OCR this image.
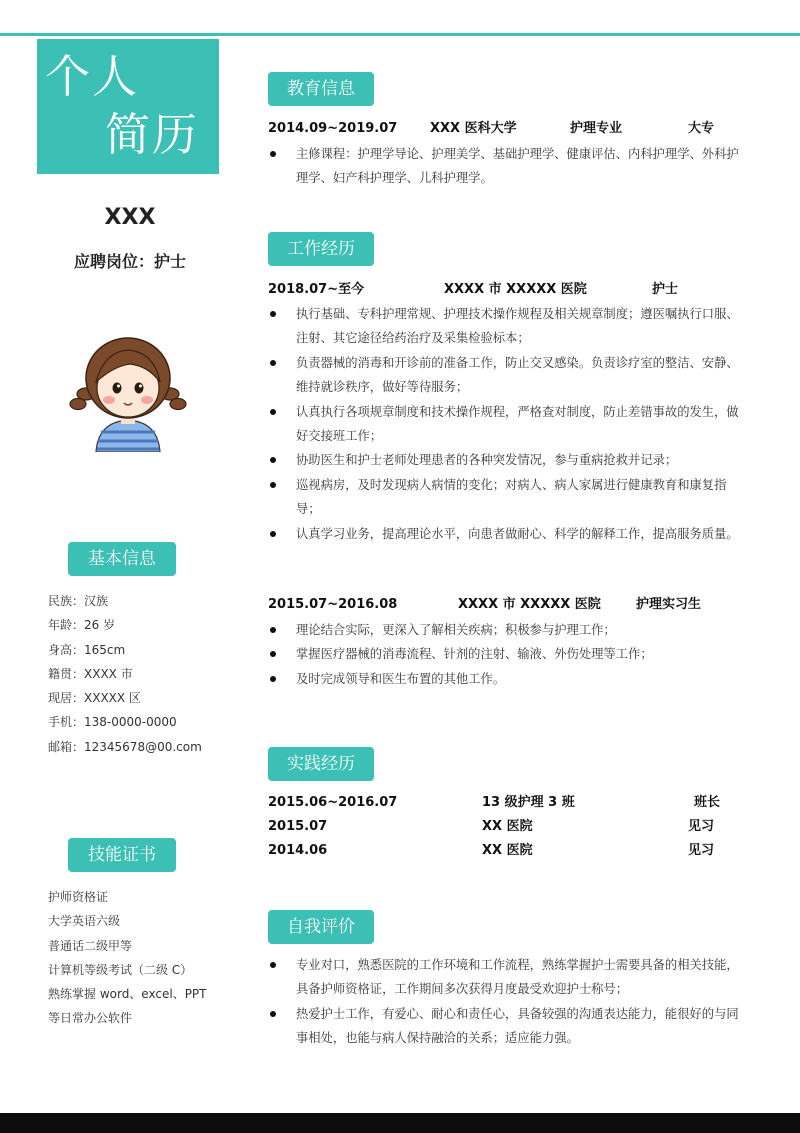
个人
简历
XXX
应聘岗位：护士
基本信息
民族：汉族
年龄：26 岁
身高：165cm
籍贯：XXXX 市
现居：XXXXX 区
手机：138-0000-0000
邮箱：12345678@00.com
技能证书
护师资格证
大学英语六级
普通话二级甲等
计算机等级考试（二级 C）
熟练掌握 word、excel、PPT
等日常办公软件
教育信息
2014.09~2019.07	XXX 医科大学	护理专业	大专
主修课程：护理学导论、护理美学、基础护理学、健康评估、内科护理学、外科护理学、妇产科护理学、儿科护理学。
工作经历
2018.07~至今	XXXX 市 XXXXX 医院	护士
执行基础、专科护理常规、护理技术操作规程及相关规章制度；遵医嘱执行口服、注射、其它途径给药治疗及采集检验标本；
负责器械的消毒和开诊前的准备工作，防止交叉感染。负责诊疗室的整洁、安静、维持就诊秩序，做好等待服务；
认真执行各项规章制度和技术操作规程，严格查对制度，防止差错事故的发生，做好交接班工作；
协助医生和护士老师处理患者的各种突发情况，参与重病抢救并记录；
巡视病房，及时发现病人病情的变化；对病人、病人家属进行健康教育和康复指导；
认真学习业务，提高理论水平，向患者做耐心、科学的解释工作，提高服务质量。
2015.07~2016.08	XXXX 市 XXXXX 医院	护理实习生
理论结合实际，更深入了解相关疾病；积极参与护理工作；
掌握医疗器械的消毒流程、针剂的注射、输液、外伤处理等工作；
及时完成领导和医生布置的其他工作。
实践经历
2015.06~2016.07	13 级护理 3 班	班长
2015.07	XX 医院	见习
2014.06	XX 医院	见习
自我评价
专业对口，熟悉医院的工作环境和工作流程，熟练掌握护士需要具备的相关技能，具备护师资格证，工作期间多次获得月度最受欢迎护士称号；
热爱护士工作，有爱心、耐心和责任心，具备较强的沟通表达能力，能很好的与同事相处，也能与病人保持融洽的关系；适应能力强。
